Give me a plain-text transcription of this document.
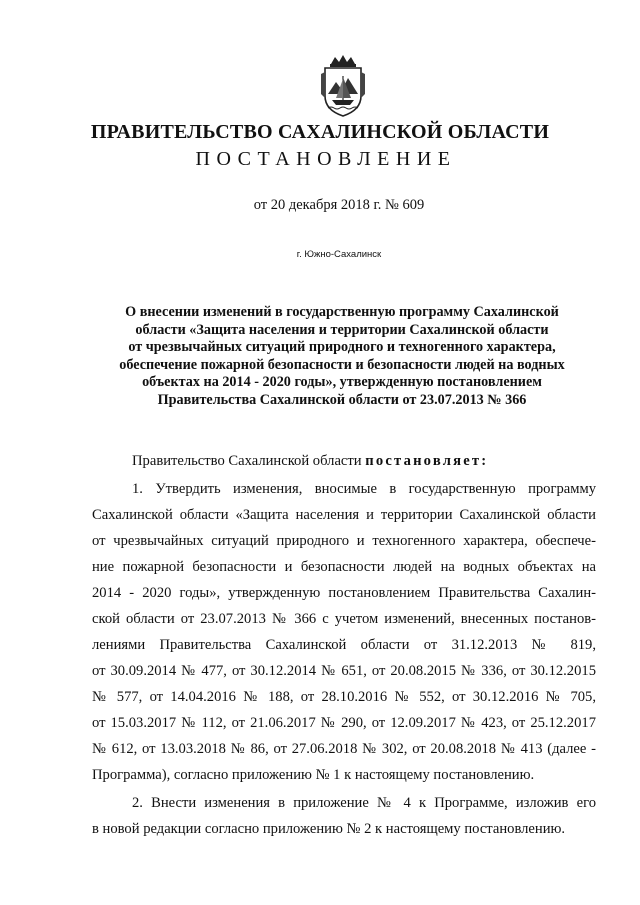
ПРАВИТЕЛЬСТВО САХАЛИНСКОЙ ОБЛАСТИ
ПОСТАНОВЛЕНИЕ
от 20 декабря 2018 г. № 609
г. Южно-Сахалинск
О внесении изменений в государственную программу Сахалинской
области «Защита населения и территории Сахалинской области
от чрезвычайных ситуаций природного и техногенного характера,
обеспечение пожарной безопасности и безопасности людей на водных
объектах на 2014 - 2020 годы», утвержденную постановлением
Правительства Сахалинской области от 23.07.2013 № 366
Правительство Сахалинской области постановляет:
1. Утвердить изменения, вносимые в государственную программу
Сахалинской области «Защита населения и территории Сахалинской области
от чрезвычайных ситуаций природного и техногенного характера, обеспече-
ние пожарной безопасности и безопасности людей на водных объектах на
2014 - 2020 годы», утвержденную постановлением Правительства Сахалин-
ской области от 23.07.2013 № 366 с учетом изменений, внесенных постанов-
лениями Правительства Сахалинской области от 31.12.2013 № 819,
от 30.09.2014 № 477, от 30.12.2014 № 651, от 20.08.2015 № 336, от 30.12.2015
№ 577, от 14.04.2016 № 188, от 28.10.2016 № 552, от 30.12.2016 № 705,
от 15.03.2017 № 112, от 21.06.2017 № 290, от 12.09.2017 № 423, от 25.12.2017
№ 612, от 13.03.2018 № 86, от 27.06.2018 № 302, от 20.08.2018 № 413 (далее -
Программа), согласно приложению № 1 к настоящему постановлению.
2. Внести изменения в приложение № 4 к Программе, изложив его
в новой редакции согласно приложению № 2 к настоящему постановлению.
